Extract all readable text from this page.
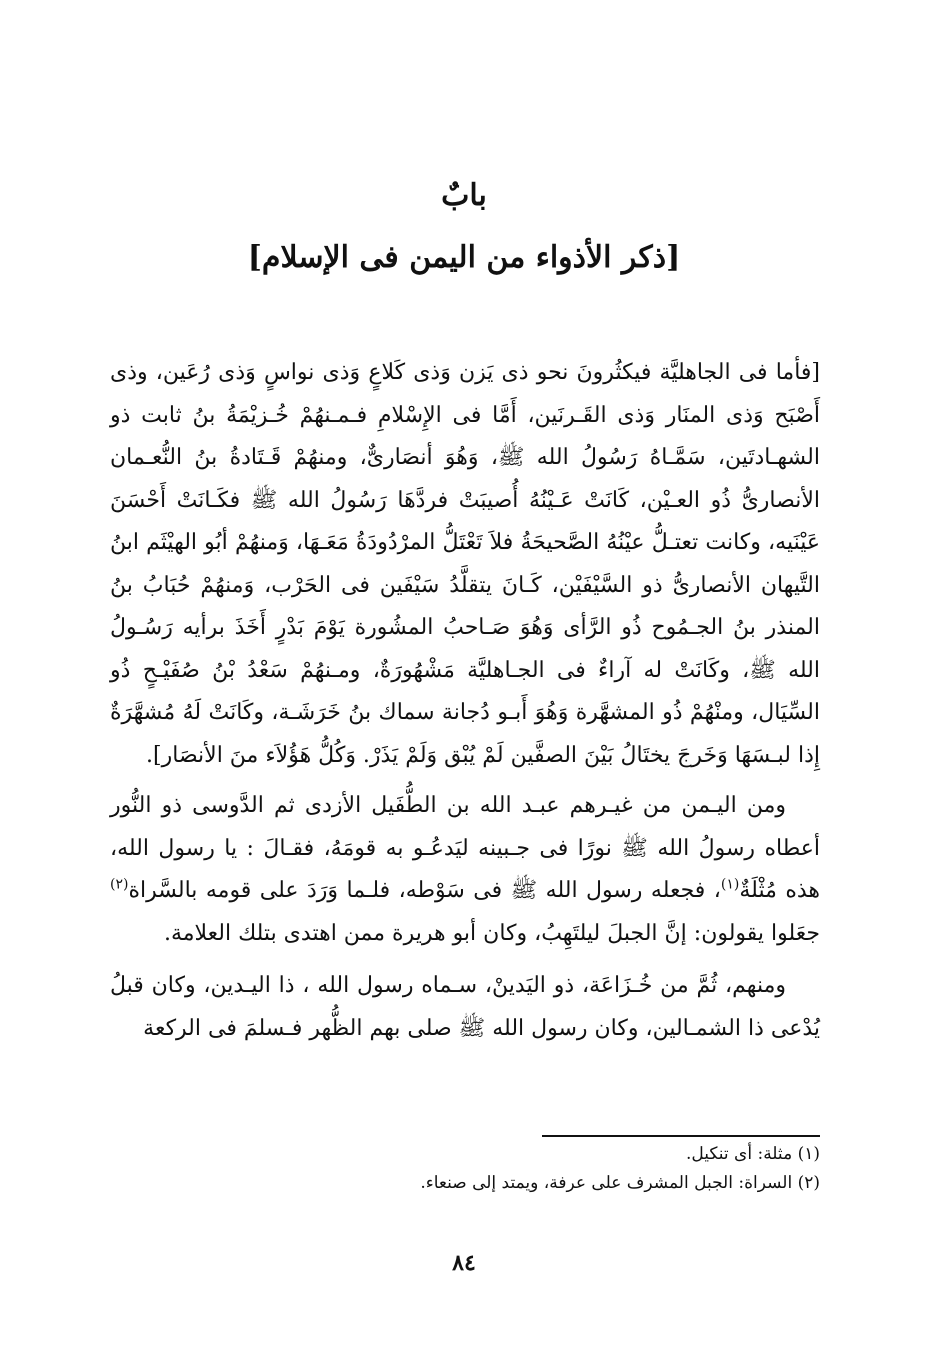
بابٌ
[ذكر الأذواء من اليمن فى الإسلام]

[فأما فى الجاهليَّة فيكثُرونَ نحو ذى يَزن وَذى كَلاعٍ وَذى نواسٍ وَذى رُعَين، وذى أَصْبَح وَذى المنَار وَذى القَـرنَين، أَمَّا فى الإِسْلامِ فـمـنهُمْ خُـزيْمَةُ بنُ ثابت ذو الشهـادتَين، سَمَّـاهُ رَسُولُ الله ﷺ، وَهُوَ أنصَارىٌّ، ومنهُمْ قَـتَادةُ بنُ النُّعـمان الأنصارىُّ ذُو العـيْن، كَانَتْ عَـيْنُهُ أُصيبَتْ فردَّهَا رَسُولُ الله ﷺ فكَـانَتْ أَحْسَنَ عَيْنَيه، وكانت تعتـلُّ عيْنُهُ الصَّحيحَةُ فلاَ تَعْتَلُّ المرْدُودَةُ مَعَـهَا، وَمنهُمْ أبُو الهيْثَم ابنُ التَّيهان الأنصارىُّ ذو السَّيْفَيْن، كَـانَ يتقلَّدُ سَيْفَين فى الحَرْب، وَمنهُمْ حُبَابُ بنُ المنذر بنُ الجـمُوح ذُو الرَّأى وَهُوَ صَـاحبُ المشُورة يَوْمَ بَدْرٍ أَخَذَ برأيه رَسُـولُ الله ﷺ، وكَانَتْ له آراءٌ فى الجـاهليَّة مَشْهُورَةٌ، ومـنهُمْ سَعْدُ بْنُ صُفَيْـحٍ ذُو السِّيَال، ومنْهُمْ ذُو المشهَّرة وَهُوَ أَبـو دُجانة سماك بنُ خَرَشَـة، وكَانَتْ لَهُ مُشهَّرَةٌ إِذا لبـسَهَا وَخَرجَ يختَالُ بَيْنَ الصفَّين لَمْ يُبْق وَلَمْ يَذَرْ. وَكُلُّ هَؤُلاَء منَ الأنصَار].

ومن اليـمن من غيـرهم عبـد الله بن الطُّفَيل الأزدى ثم الدَّوسى ذو النُّور أعطاه رسولُ الله ﷺ نورًا فى جـبينه ليَدعُـو به قومَهُ، فقـالَ : يا رسول الله، هذه مُثْلَةٌ$^{(١)}$، فجعله رسول الله ﷺ فى سَوْطه، فلـما وَرَدَ على قومه بالسَّراة$^{(٢)}$ جعَلوا يقولون: إنَّ الجبلَ ليلتَهِبُ، وكان أبو هريرة ممن اهتدى بتلك العلامة.

ومنهم، ثُمَّ من خُـزَاعَة، ذو اليَدينْ، سـماه رسول الله ، ذا اليـدين، وكان قبلُ يُدْعى ذا الشمـالين، وكان رسول الله ﷺ صلى بهم الظُّهر فـسلمَ فى الركعة

(١) مثلة: أى تنكيل.

(٢) السراة: الجبل المشرف على عرفة، ويمتد إلى صنعاء.

٨٤
